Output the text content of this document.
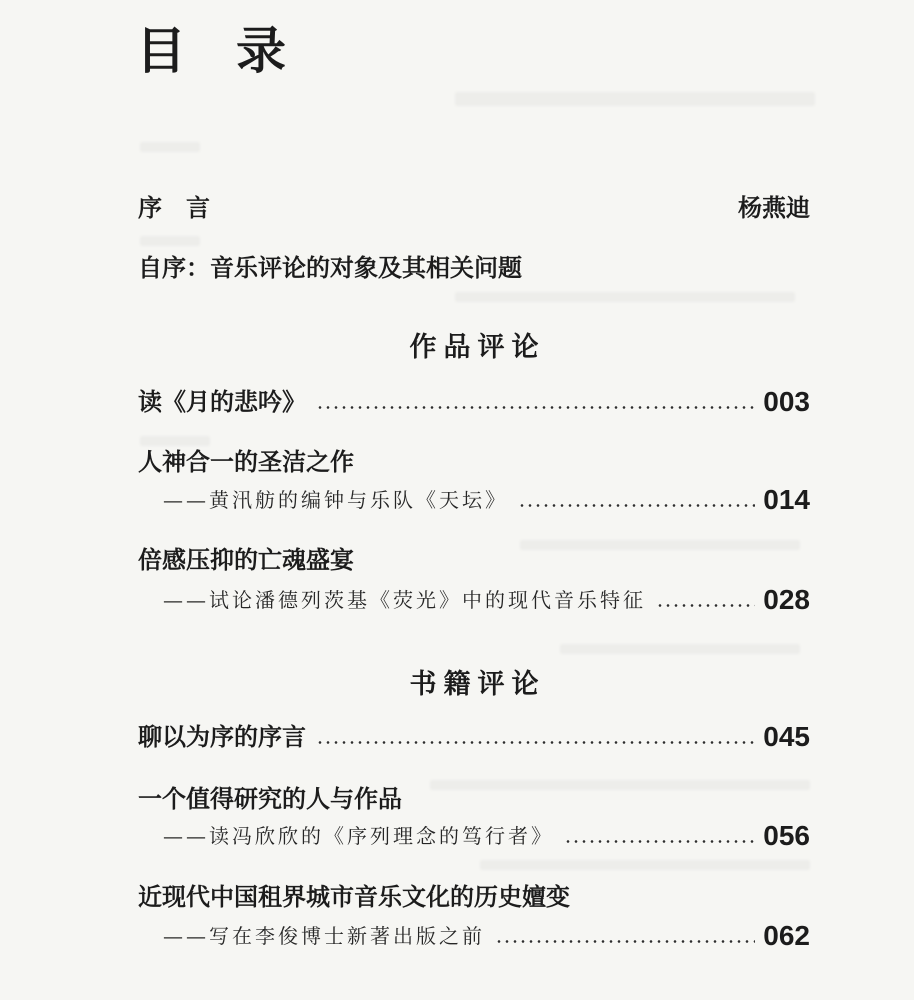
目　录
序　言	杨燕迪
自序：音乐评论的对象及其相关问题
作品评论
读《月的悲吟》	003
人神合一的圣洁之作
——黄汛舫的编钟与乐队《天坛》	014
倍感压抑的亡魂盛宴
——试论潘德列茨基《荧光》中的现代音乐特征	028
书籍评论
聊以为序的序言	045
一个值得研究的人与作品
——读冯欣欣的《序列理念的笃行者》	056
近现代中国租界城市音乐文化的历史嬗变
——写在李俊博士新著出版之前	062
